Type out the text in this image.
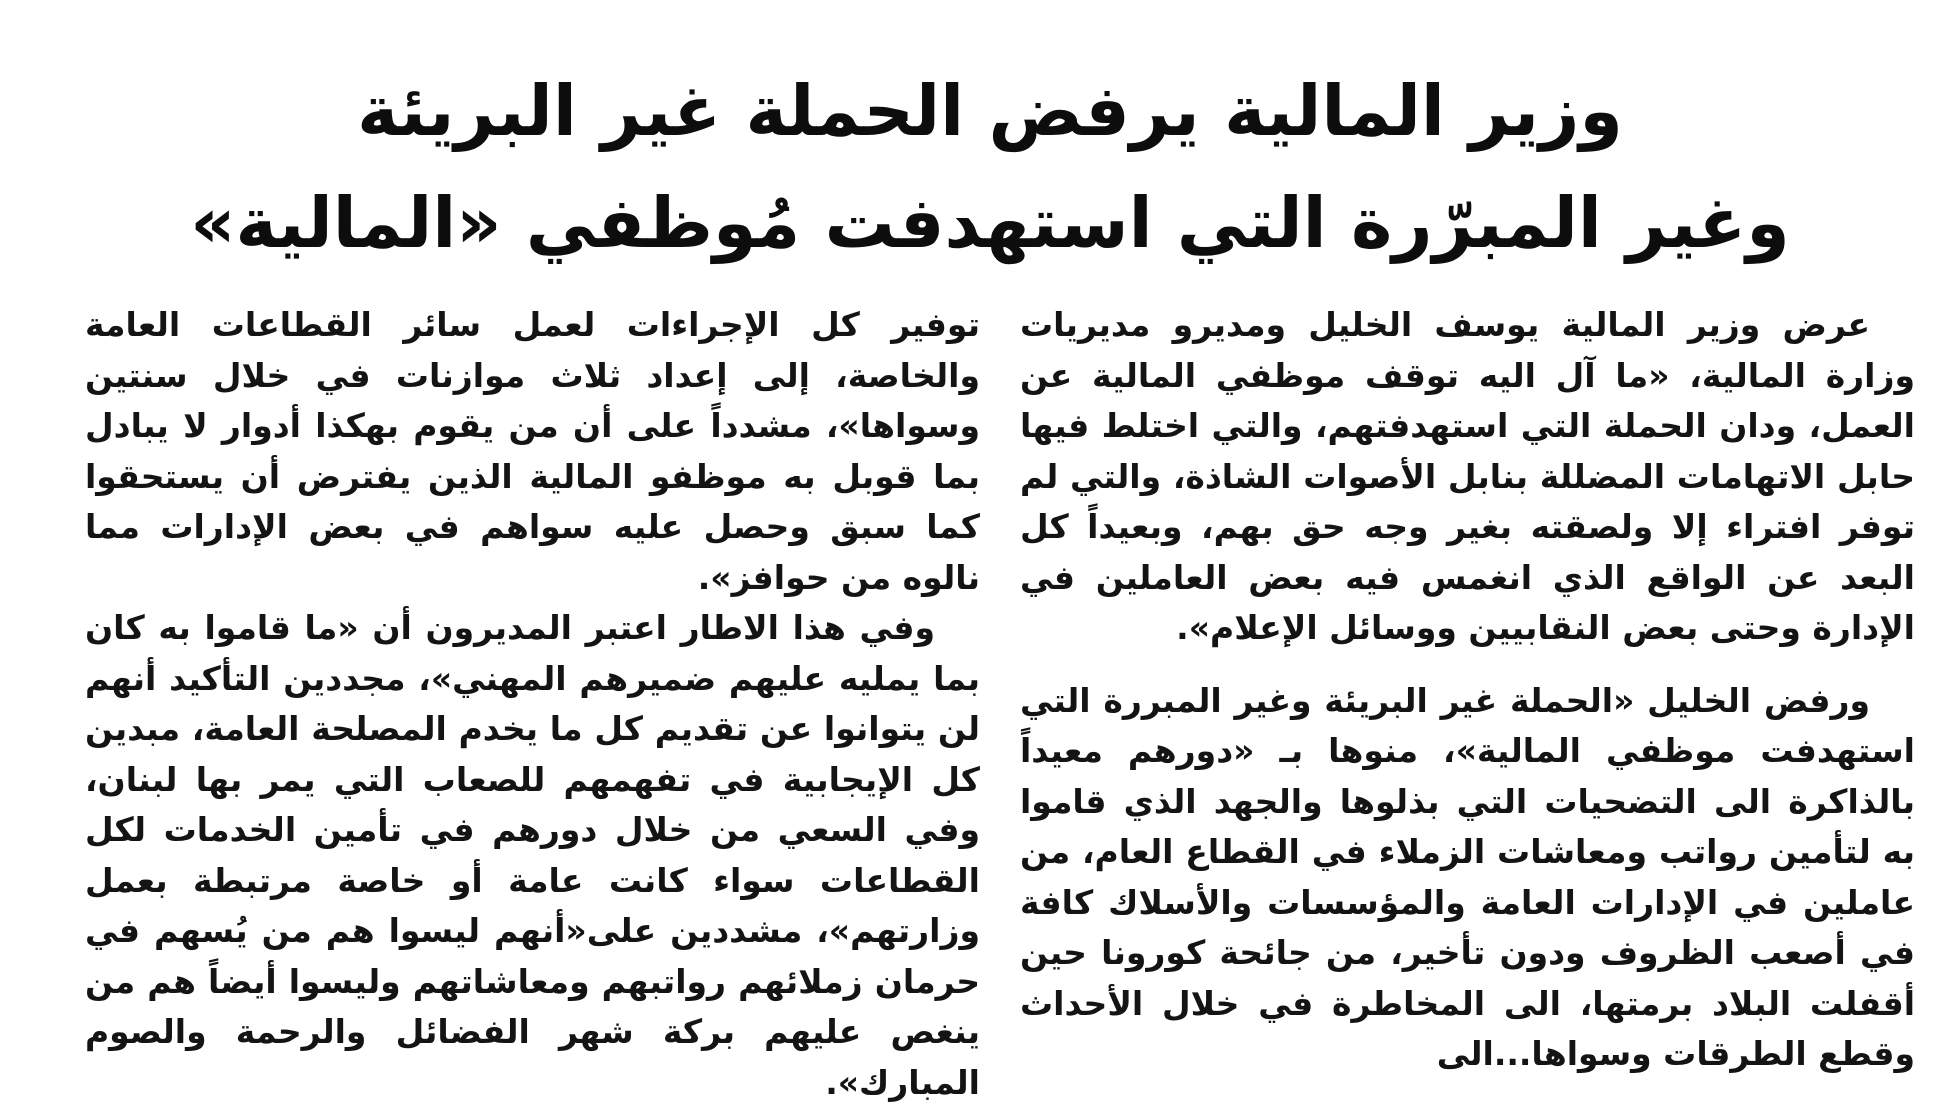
وزير المالية يرفض الحملة غير البريئة
وغير المبرّرة التي استهدفت مُوظفي «المالية»

عرض وزير المالية يوسف الخليل ومديرو مديريات وزارة المالية، «ما آل اليه توقف موظفي المالية عن العمل، ودان الحملة التي استهدفتهم، والتي اختلط فيها حابل الاتهامات المضللة بنابل الأصوات الشاذة، والتي لم توفر افتراء إلا ولصقته بغير وجه حق بهم، وبعيداً كل البعد عن الواقع الذي انغمس فيه بعض العاملين في الإدارة وحتى بعض النقابيين ووسائل الإعلام».

ورفض الخليل «الحملة غير البريئة وغير المبررة التي استهدفت موظفي المالية»، منوها بـ «دورهم معيداً بالذاكرة الى التضحيات التي بذلوها والجهد الذي قاموا به لتأمين رواتب ومعاشات الزملاء في القطاع العام، من عاملين في الإدارات العامة والمؤسسات والأسلاك كافة في أصعب الظروف ودون تأخير، من جائحة كورونا حين أقفلت البلاد برمتها، الى المخاطرة في خلال الأحداث وقطع الطرقات وسواها...الى

توفير كل الإجراءات لعمل سائر القطاعات العامة والخاصة، إلى إعداد ثلاث موازنات في خلال سنتين وسواها»، مشدداً على أن من يقوم بهكذا أدوار لا يبادل بما قوبل به موظفو المالية الذين يفترض أن يستحقوا كما سبق وحصل عليه سواهم في بعض الإدارات مما نالوه من حوافز».

وفي هذا الاطار اعتبر المديرون أن «ما قاموا به كان بما يمليه عليهم ضميرهم المهني»، مجددين التأكيد أنهم لن يتوانوا عن تقديم كل ما يخدم المصلحة العامة، مبدين كل الإيجابية في تفهمهم للصعاب التي يمر بها لبنان، وفي السعي من خلال دورهم في تأمين الخدمات لكل القطاعات سواء كانت عامة أو خاصة مرتبطة بعمل وزارتهم»، مشددين على«أنهم ليسوا هم من يُسهم في حرمان زملائهم رواتبهم ومعاشاتهم وليسوا أيضاً هم من ينغص عليهم بركة شهر الفضائل والرحمة والصوم المبارك».
